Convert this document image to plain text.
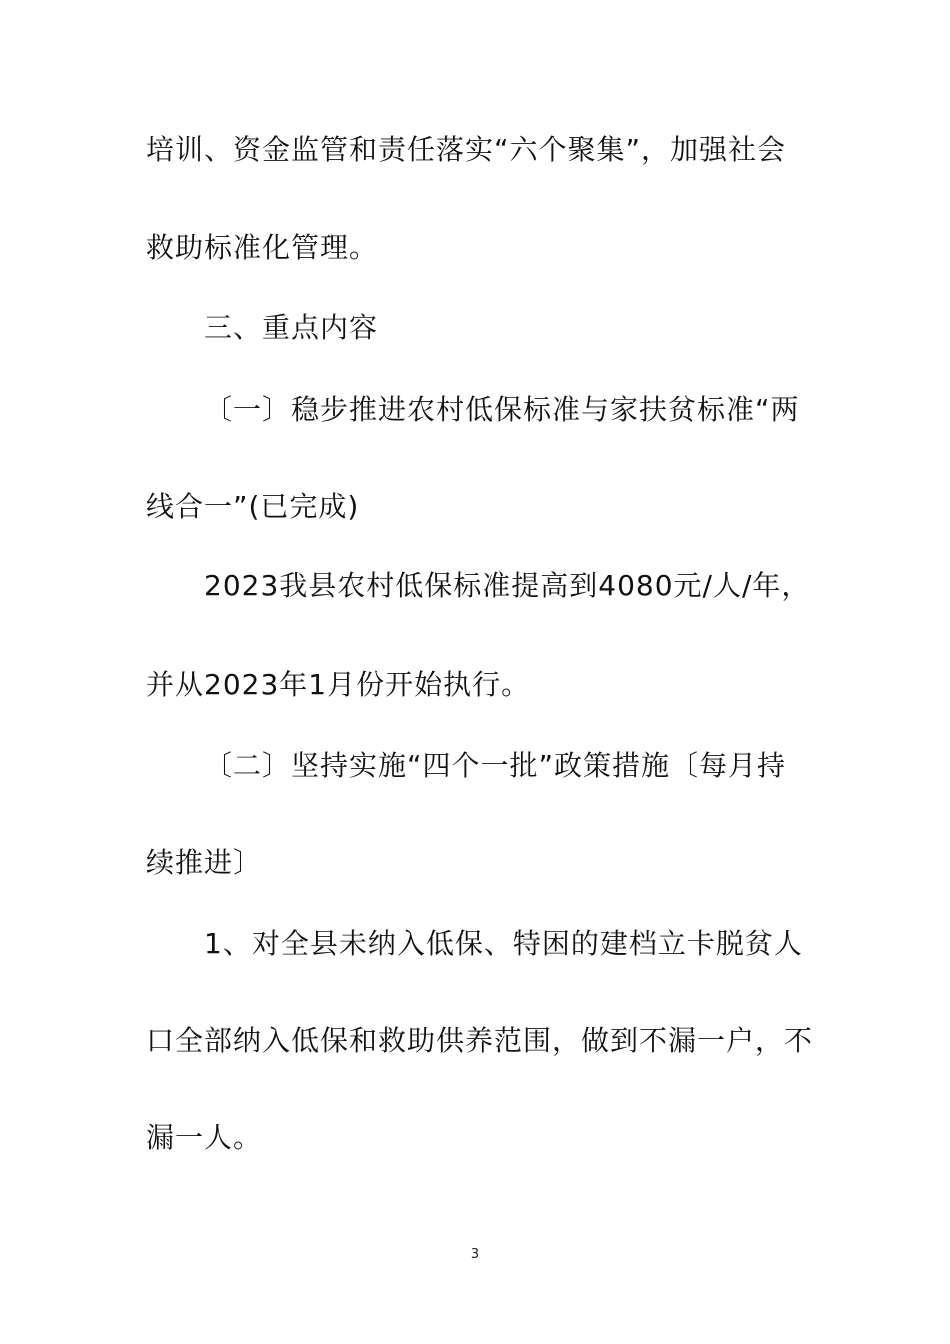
培训、资金监管和责任落实“六个聚集”，加强社会
救助标准化管理。
三、重点内容
〔一〕稳步推进农村低保标准与家扶贫标准“两
线合一”(已完成)
2023我县农村低保标准提高到4080元/人/年，
并从2023年1月份开始执行。
〔二〕坚持实施“四个一批”政策措施〔每月持
续推进〕
1、对全县未纳入低保、特困的建档立卡脱贫人
口全部纳入低保和救助供养范围，做到不漏一户，不
漏一人。
3
